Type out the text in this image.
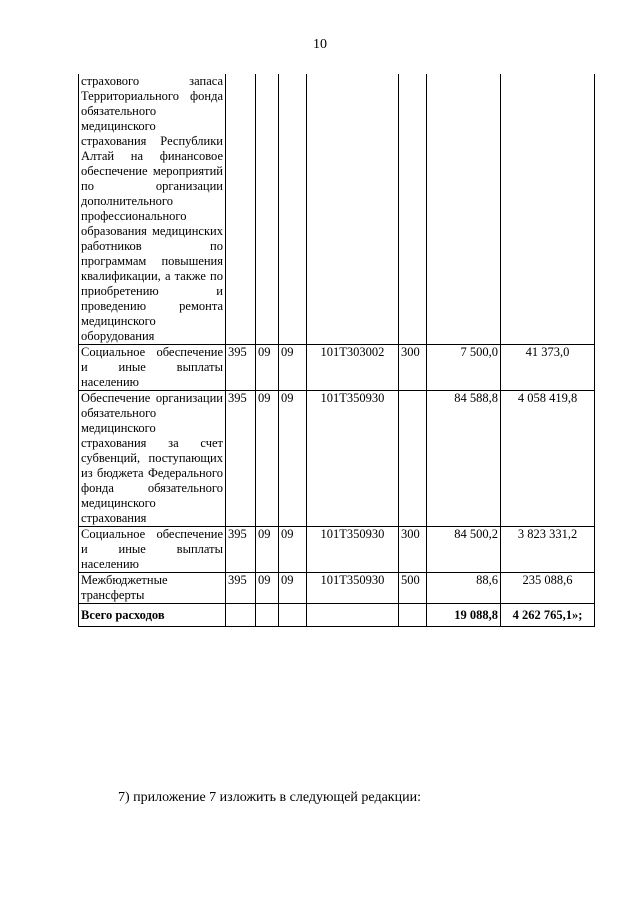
10
страхового запаса Территориального фонда обязательного медицинского страхования Республики Алтай на финансовое обеспечение мероприятий по организации дополнительного профессионального образования медицинских работников по программам повышения квалификации, а также по приобретению и проведению ремонта медицинского оборудования							
Социальное обеспечение и иные выплаты населению	395	09	09	101Т303002	300	7 500,0	41 373,0
Обеспечение организации обязательного медицинского страхования за счет субвенций, поступающих из бюджета Федерального фонда обязательного медицинского страхования	395	09	09	101Т350930		84 588,8	4 058 419,8
Социальное обеспечение и иные выплаты населению	395	09	09	101Т350930	300	84 500,2	3 823 331,2
Межбюджетные трансферты	395	09	09	101Т350930	500	88,6	235 088,6
Всего расходов						19 088,8	4 262 765,1»;
7) приложение 7 изложить в следующей редакции:
